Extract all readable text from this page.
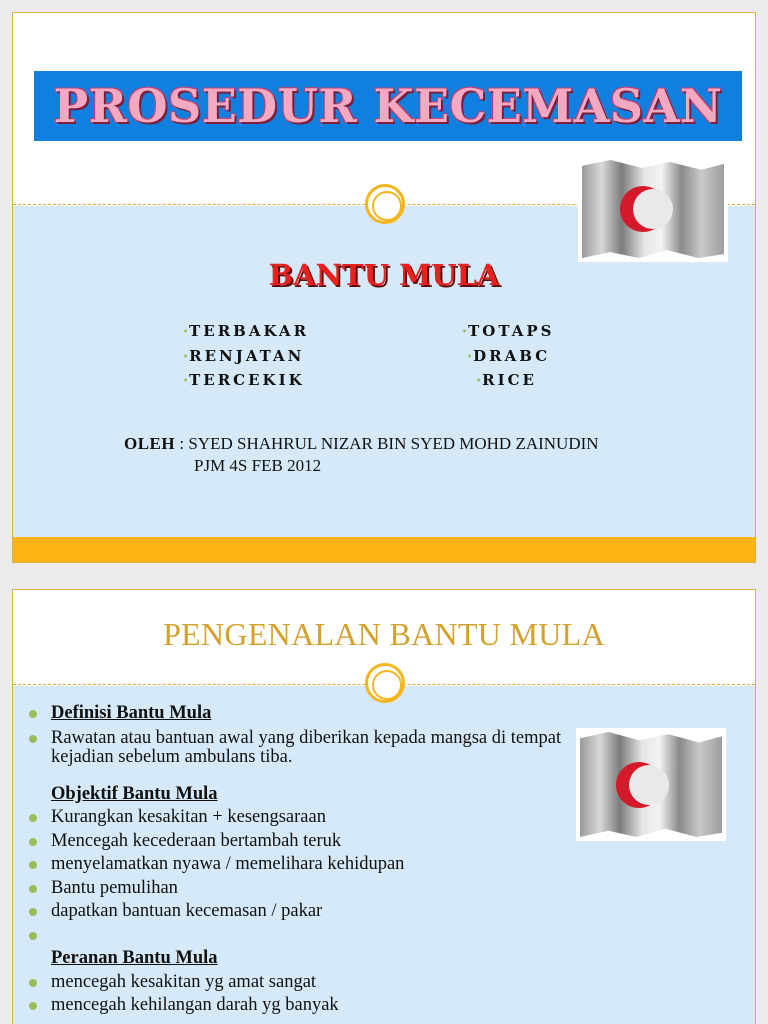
PROSEDUR KECEMASAN
BANTU MULA
• TERBAKAR
• RENJATAN
• TERCEKIK
• TOTAPS
• DRABC
• RICE
OLEH : SYED SHAHRUL NIZAR BIN SYED MOHD ZAINUDIN
PJM 4S FEB 2012
PENGENALAN BANTU MULA
Definisi Bantu Mula
Rawatan atau bantuan awal yang diberikan kepada mangsa di tempat
kejadian sebelum ambulans tiba.
Objektif Bantu Mula
Kurangkan kesakitan + kesengsaraan
Mencegah kecederaan bertambah teruk
menyelamatkan nyawa / memelihara kehidupan
Bantu pemulihan
dapatkan bantuan kecemasan / pakar

Peranan Bantu Mula
mencegah kesakitan yg amat sangat
mencegah kehilangan darah yg banyak
